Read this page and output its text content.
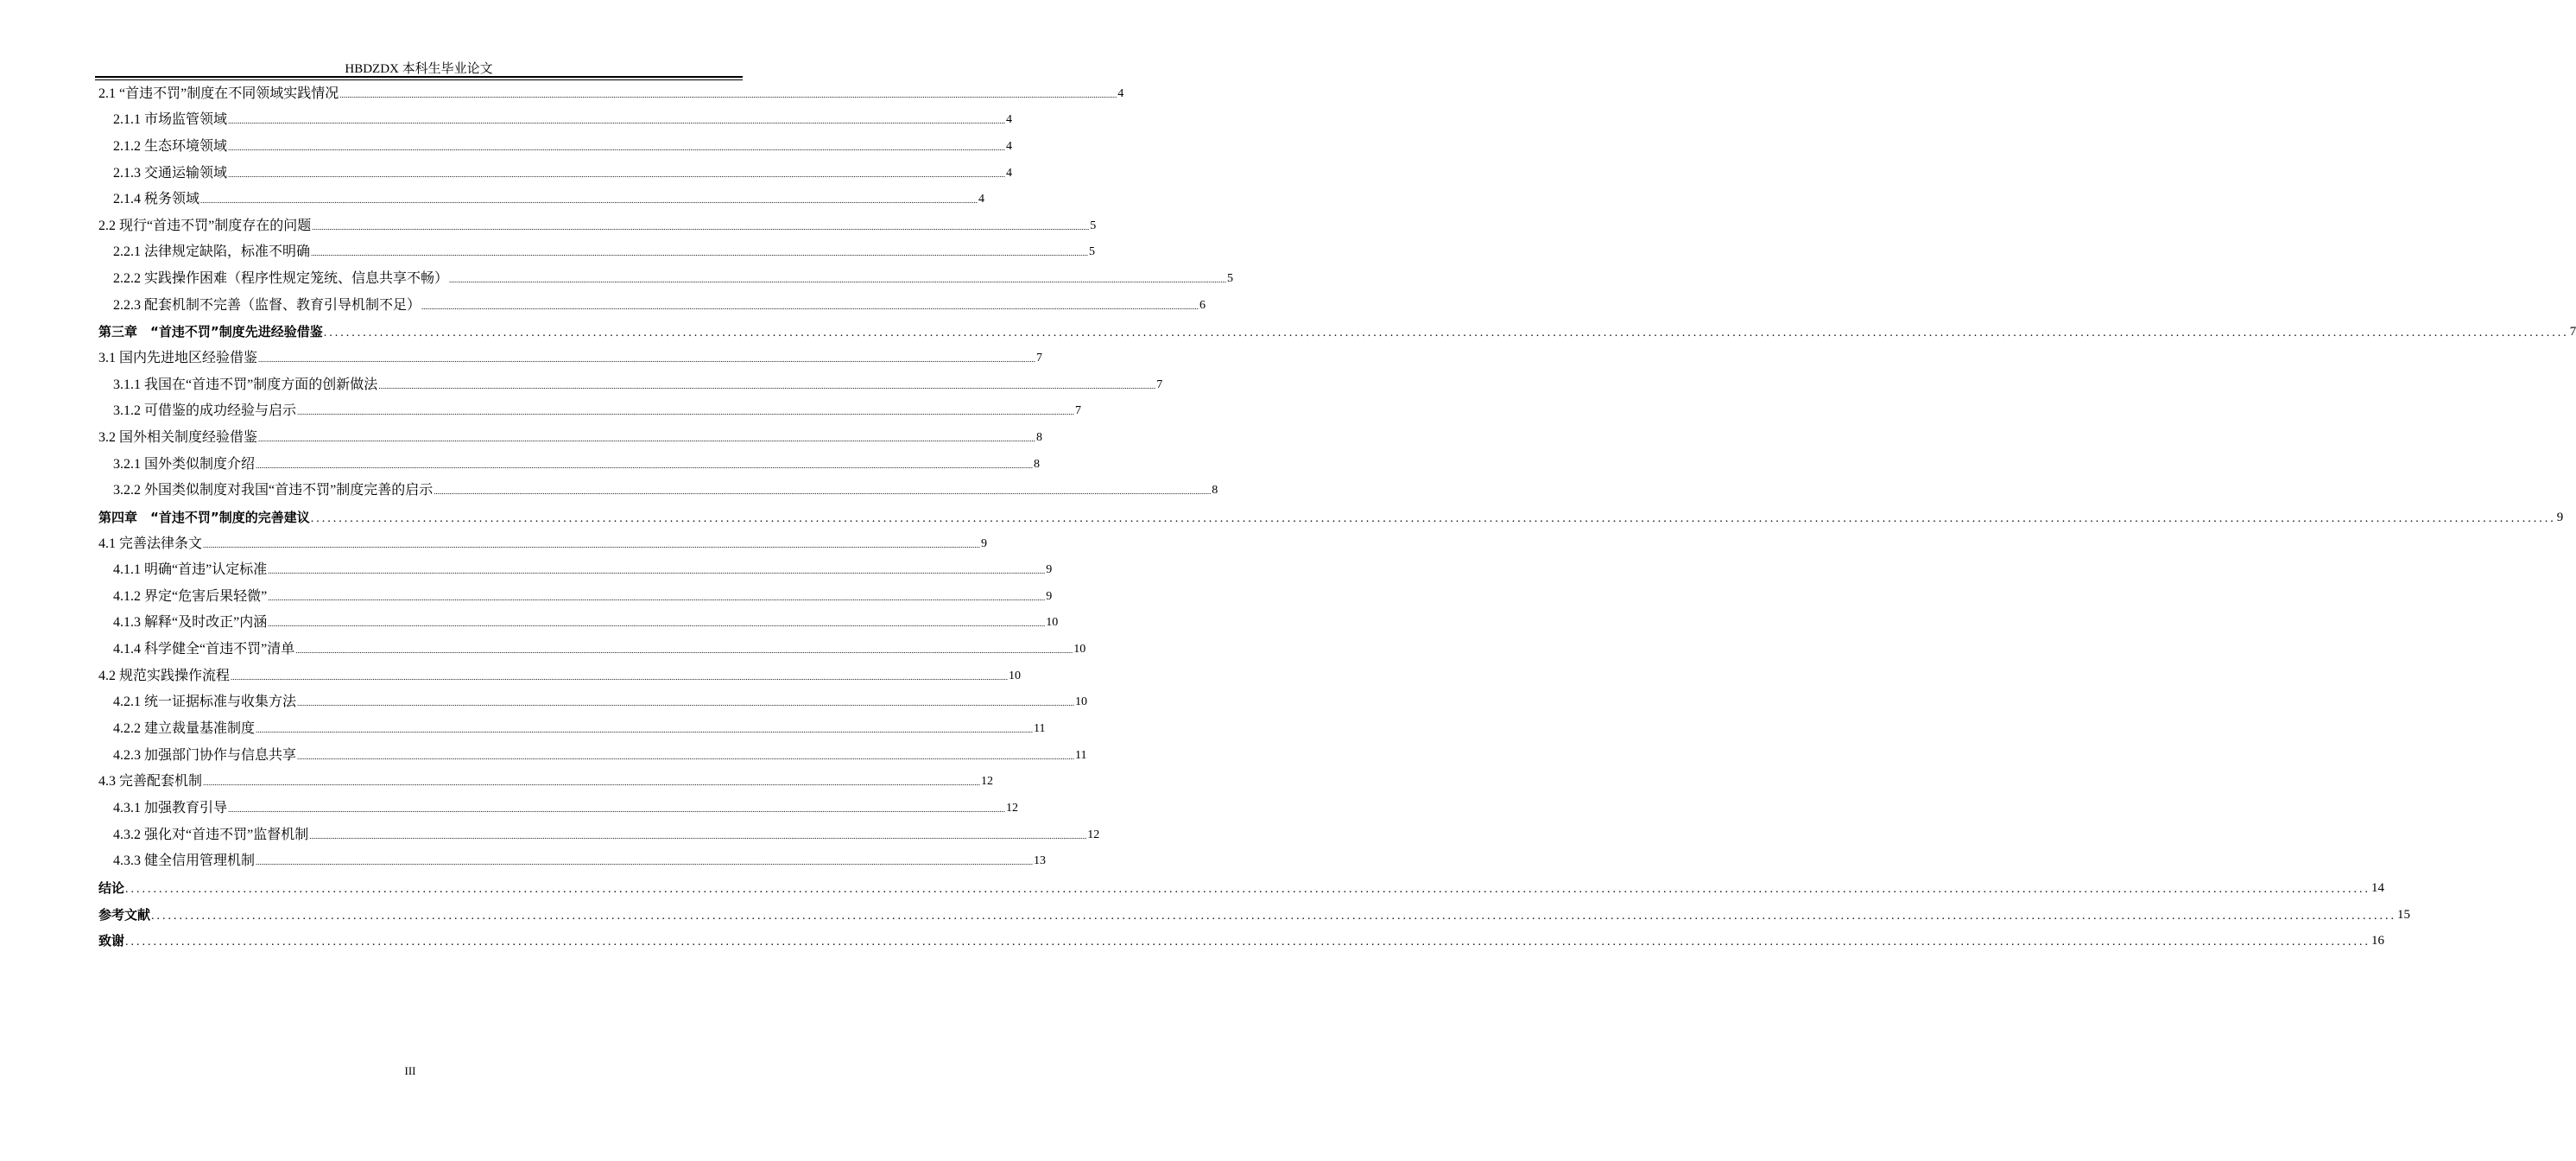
HBDZDX 本科生毕业论文
2.1 “首违不罚”制度在不同领域实践情况 ................................................................................................................................................................................................................................................................................................................................................................................................................ 4
2.1.1 市场监管领域 ................................................................................................................................................................................................................................................................................................................................................................................................................ 4
2.1.2 生态环境领域 ................................................................................................................................................................................................................................................................................................................................................................................................................ 4
2.1.3 交通运输领域 ................................................................................................................................................................................................................................................................................................................................................................................................................ 4
2.1.4 税务领域 ................................................................................................................................................................................................................................................................................................................................................................................................................ 4
2.2 现行“首违不罚”制度存在的问题 ................................................................................................................................................................................................................................................................................................................................................................................................................ 5
2.2.1 法律规定缺陷，标准不明确 ................................................................................................................................................................................................................................................................................................................................................................................................................ 5
2.2.2 实践操作困难（程序性规定笼统、信息共享不畅） ................................................................................................................................................................................................................................................................................................................................................................................................................ 5
2.2.3 配套机制不完善（监督、教育引导机制不足） ................................................................................................................................................................................................................................................................................................................................................................................................................ 6
第三章　“首违不罚”制度先进经验借鉴 ................................................................................................................................................................................................................................................................................................................................................................................................................ 7
3.1 国内先进地区经验借鉴 ................................................................................................................................................................................................................................................................................................................................................................................................................ 7
3.1.1 我国在“首违不罚”制度方面的创新做法 ................................................................................................................................................................................................................................................................................................................................................................................................................ 7
3.1.2 可借鉴的成功经验与启示 ................................................................................................................................................................................................................................................................................................................................................................................................................ 7
3.2 国外相关制度经验借鉴 ................................................................................................................................................................................................................................................................................................................................................................................................................ 8
3.2.1 国外类似制度介绍 ................................................................................................................................................................................................................................................................................................................................................................................................................ 8
3.2.2 外国类似制度对我国“首违不罚”制度完善的启示 ................................................................................................................................................................................................................................................................................................................................................................................................................ 8
第四章　“首违不罚”制度的完善建议 ................................................................................................................................................................................................................................................................................................................................................................................................................ 9
4.1 完善法律条文 ................................................................................................................................................................................................................................................................................................................................................................................................................ 9
4.1.1 明确“首违”认定标准 ................................................................................................................................................................................................................................................................................................................................................................................................................ 9
4.1.2 界定“危害后果轻微” ................................................................................................................................................................................................................................................................................................................................................................................................................ 9
4.1.3 解释“及时改正”内涵 ................................................................................................................................................................................................................................................................................................................................................................................................................ 10
4.1.4 科学健全“首违不罚”清单 ................................................................................................................................................................................................................................................................................................................................................................................................................ 10
4.2 规范实践操作流程 ................................................................................................................................................................................................................................................................................................................................................................................................................ 10
4.2.1 统一证据标准与收集方法 ................................................................................................................................................................................................................................................................................................................................................................................................................ 10
4.2.2 建立裁量基准制度 ................................................................................................................................................................................................................................................................................................................................................................................................................ 11
4.2.3 加强部门协作与信息共享 ................................................................................................................................................................................................................................................................................................................................................................................................................ 11
4.3 完善配套机制 ................................................................................................................................................................................................................................................................................................................................................................................................................ 12
4.3.1 加强教育引导 ................................................................................................................................................................................................................................................................................................................................................................................................................ 12
4.3.2 强化对“首违不罚”监督机制 ................................................................................................................................................................................................................................................................................................................................................................................................................ 12
4.3.3 健全信用管理机制 ................................................................................................................................................................................................................................................................................................................................................................................................................ 13
结论 ................................................................................................................................................................................................................................................................................................................................................................................................................ 14
参考文献 ................................................................................................................................................................................................................................................................................................................................................................................................................ 15
致谢 ................................................................................................................................................................................................................................................................................................................................................................................................................ 16
III
